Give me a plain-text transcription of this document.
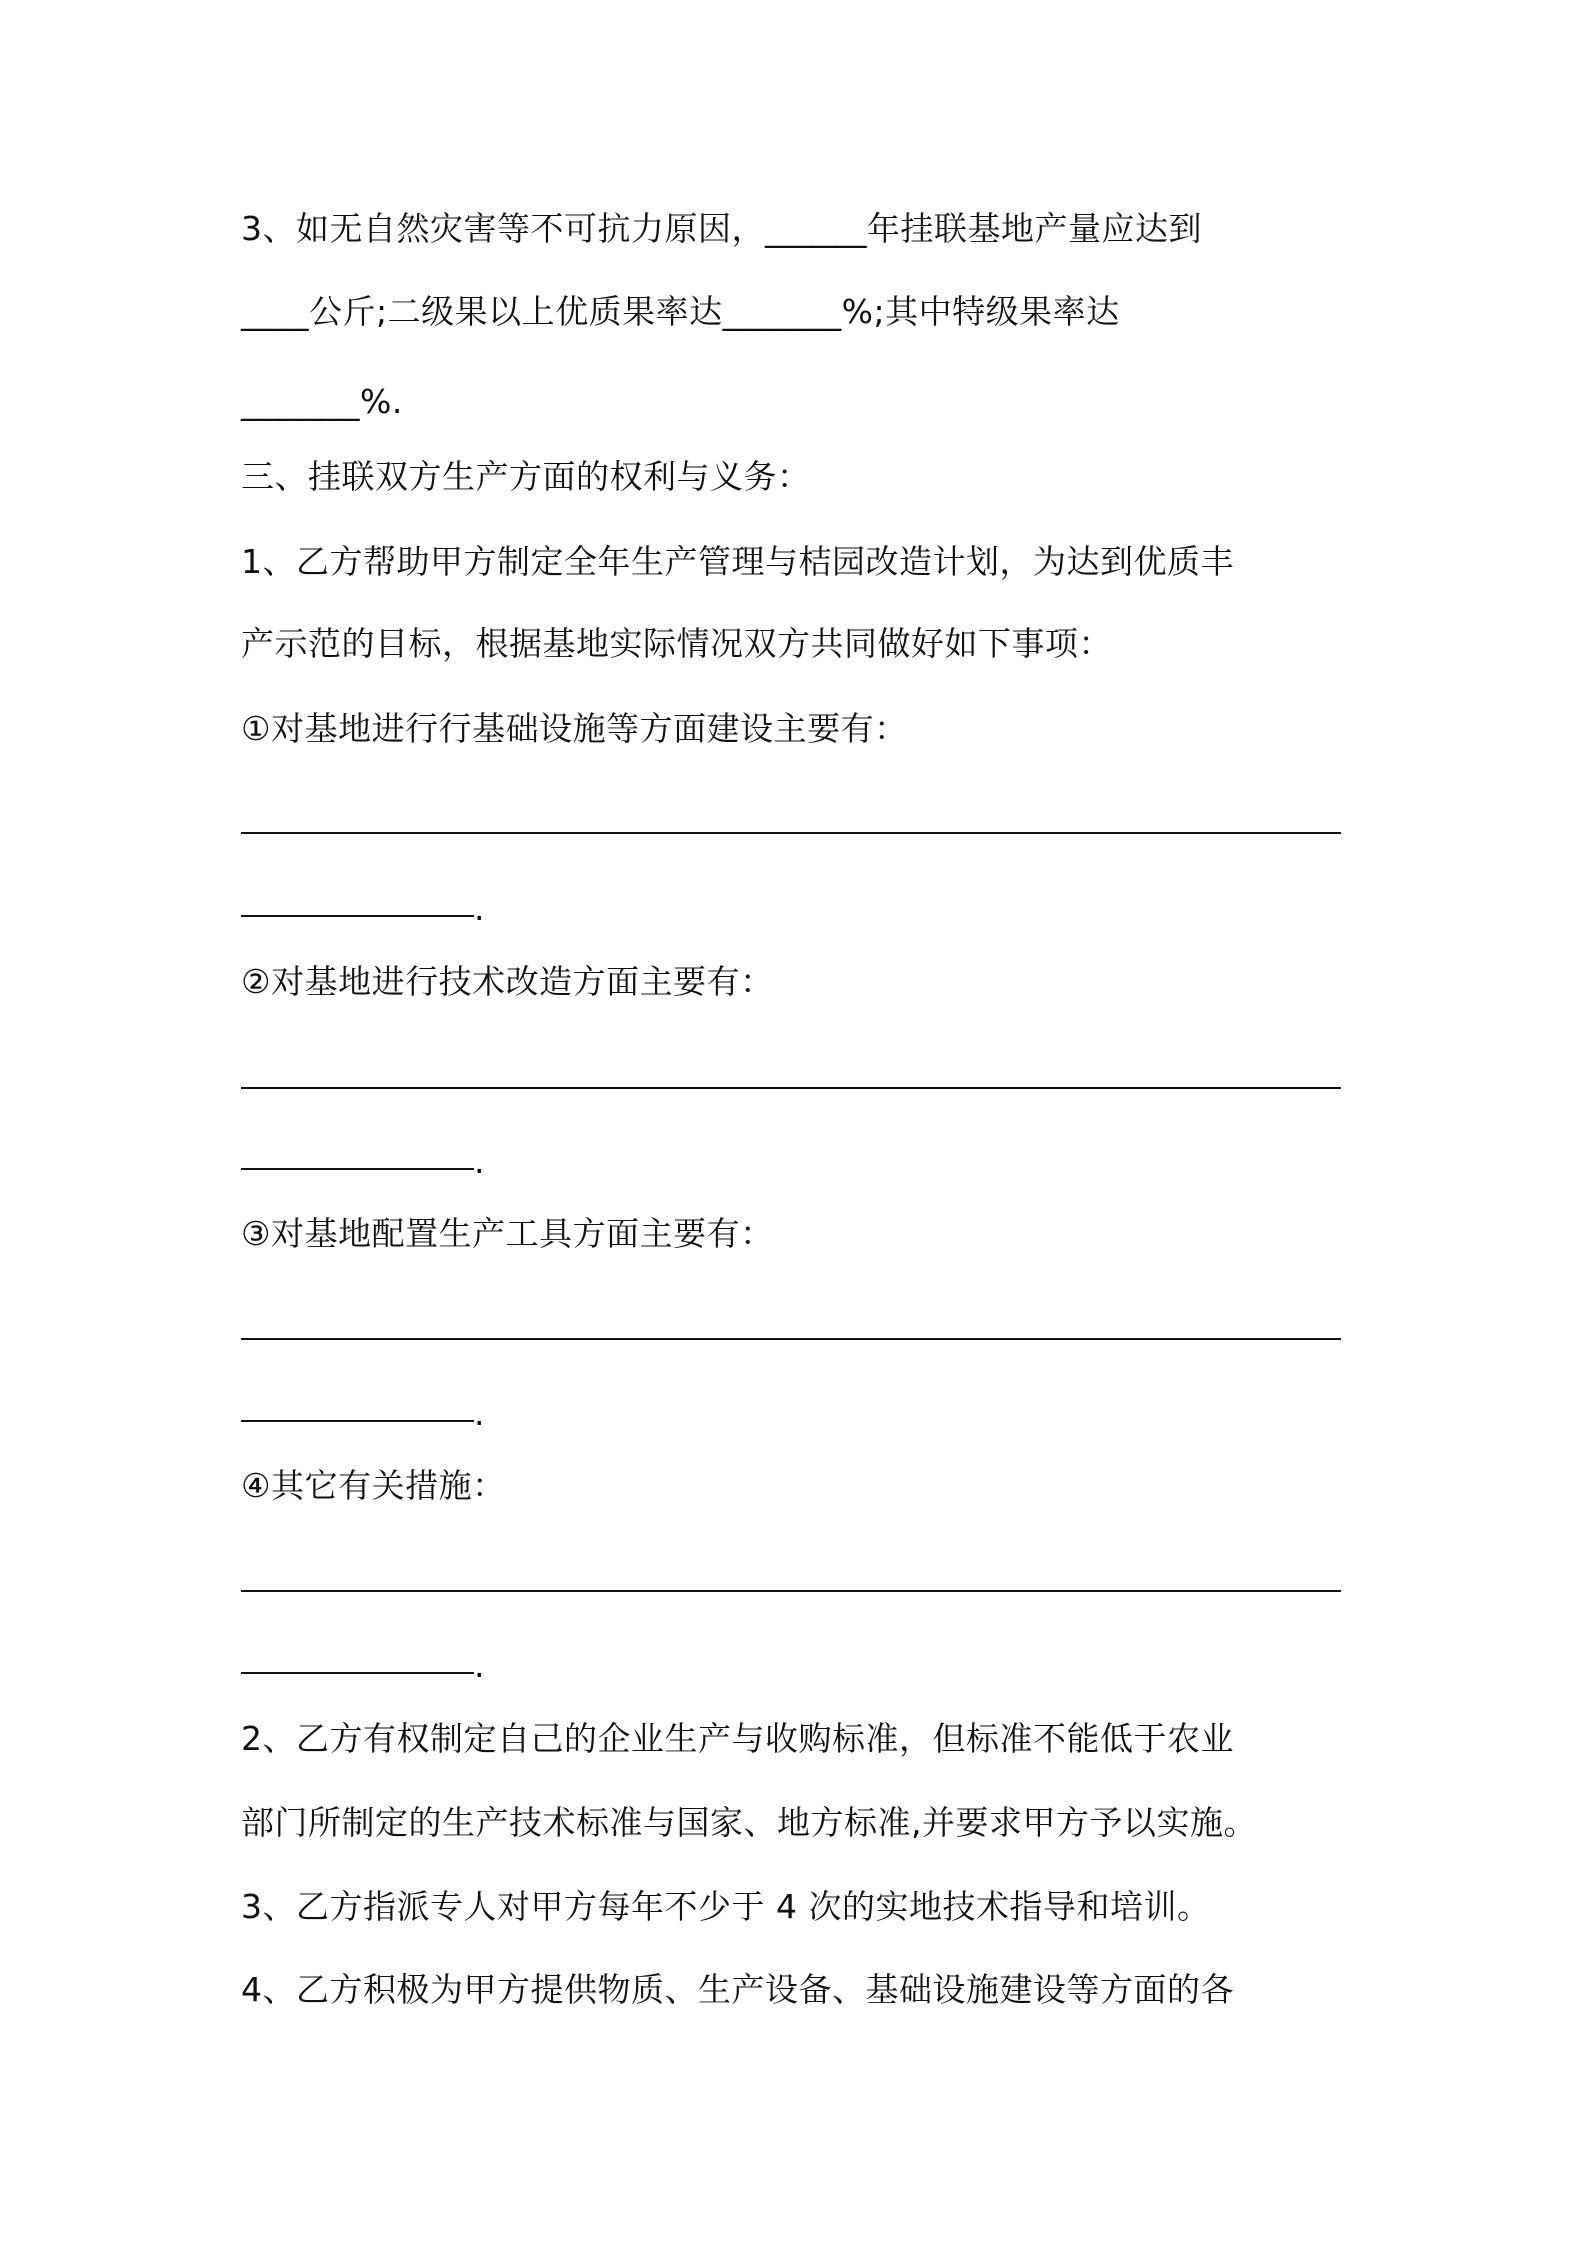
3、如无自然灾害等不可抗力原因，______年挂联基地产量应达到
____公斤;二级果以上优质果率达_______%;其中特级果率达
_______%.
三、挂联双方生产方面的权利与义务：
1、乙方帮助甲方制定全年生产管理与桔园改造计划，为达到优质丰
产示范的目标，根据基地实际情况双方共同做好如下事项：
①对基地进行行基础设施等方面建设主要有：
.
②对基地进行技术改造方面主要有：
.
③对基地配置生产工具方面主要有：
.
④其它有关措施：
.
2、乙方有权制定自己的企业生产与收购标准，但标准不能低于农业
部门所制定的生产技术标准与国家、地方标准,并要求甲方予以实施。
3、乙方指派专人对甲方每年不少于 4 次的实地技术指导和培训。
4、乙方积极为甲方提供物质、生产设备、基础设施建设等方面的各
